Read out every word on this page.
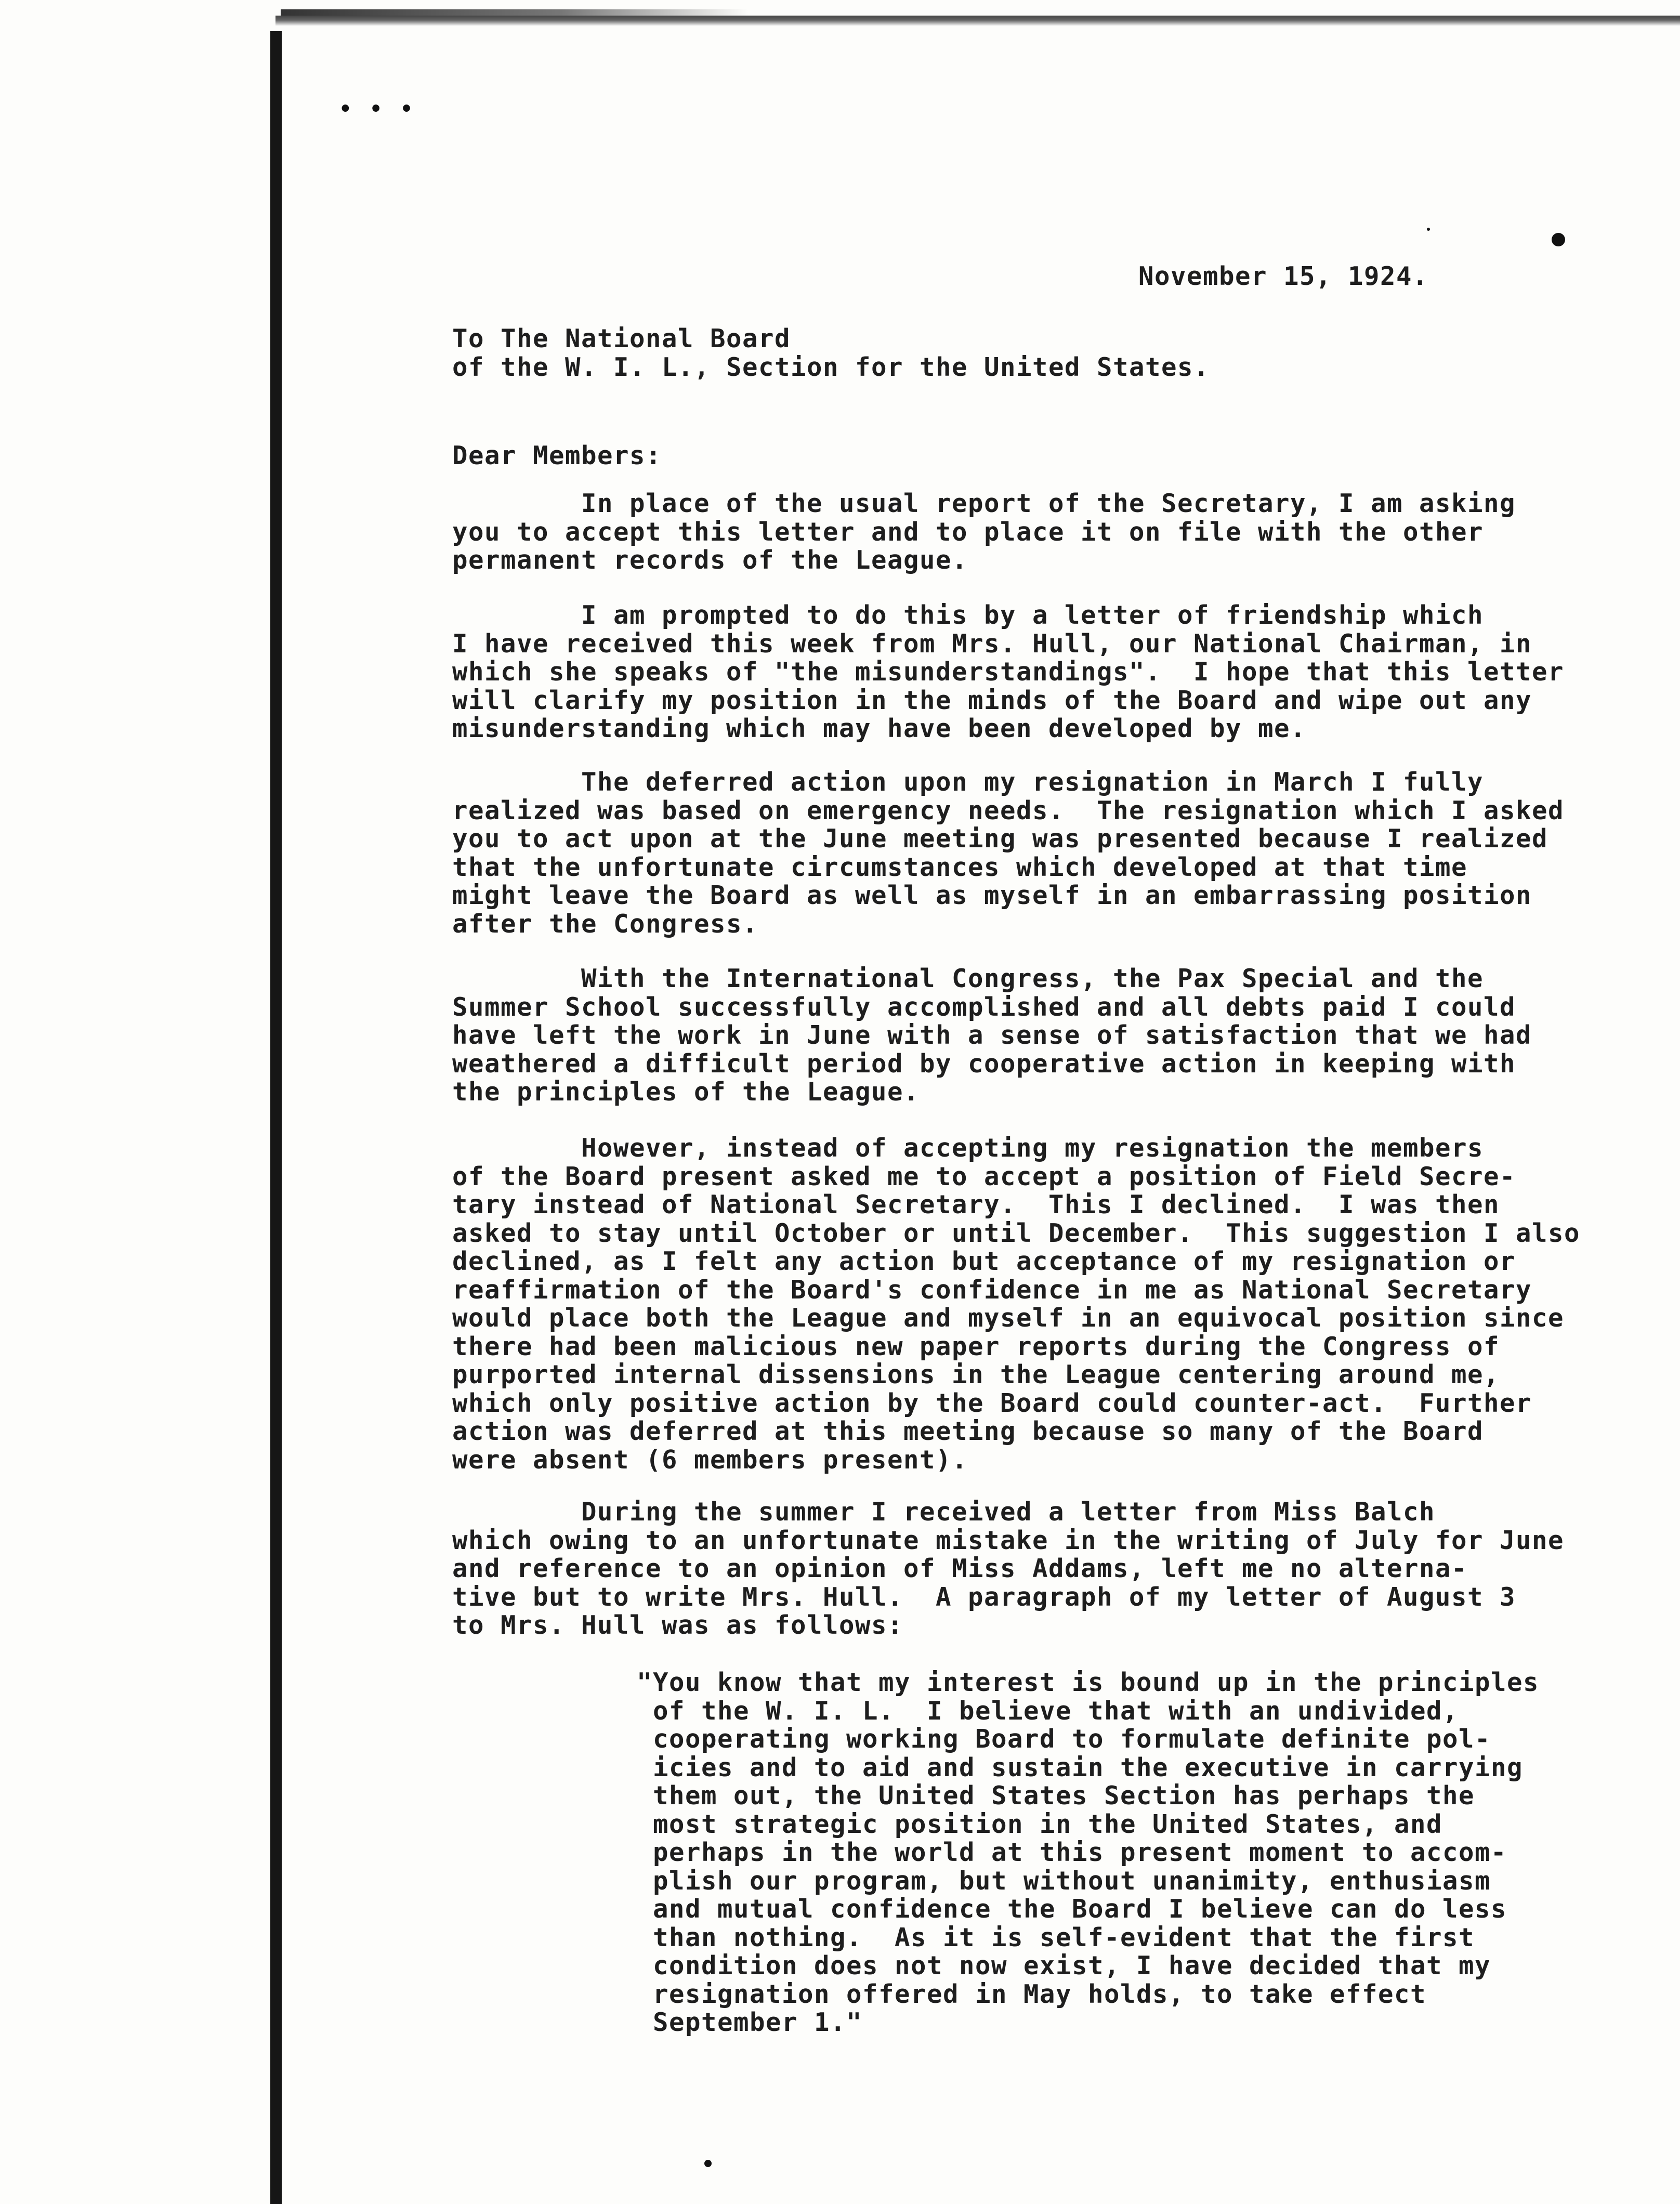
•••
November 15, 1924.
To The National Board
of the W. I. L., Section for the United States.
Dear Members:
In place of the usual report of the Secretary, I am asking
you to accept this letter and to place it on file with the other
permanent records of the League.
I am prompted to do this by a letter of friendship which
I have received this week from Mrs. Hull, our National Chairman, in
which she speaks of "the misunderstandings".  I hope that this letter
will clarify my position in the minds of the Board and wipe out any
misunderstanding which may have been developed by me.
The deferred action upon my resignation in March I fully
realized was based on emergency needs.  The resignation which I asked
you to act upon at the June meeting was presented because I realized
that the unfortunate circumstances which developed at that time
might leave the Board as well as myself in an embarrassing position
after the Congress.
With the International Congress, the Pax Special and the
Summer School successfully accomplished and all debts paid I could
have left the work in June with a sense of satisfaction that we had
weathered a difficult period by cooperative action in keeping with
the principles of the League.
However, instead of accepting my resignation the members
of the Board present asked me to accept a position of Field Secre-
tary instead of National Secretary.  This I declined.  I was then
asked to stay until October or until December.  This suggestion I also
declined, as I felt any action but acceptance of my resignation or
reaffirmation of the Board's confidence in me as National Secretary
would place both the League and myself in an equivocal position since
there had been malicious new paper reports during the Congress of
purported internal dissensions in the League centering around me,
which only positive action by the Board could counter-act.  Further
action was deferred at this meeting because so many of the Board
were absent (6 members present).
During the summer I received a letter from Miss Balch
which owing to an unfortunate mistake in the writing of July for June
and reference to an opinion of Miss Addams, left me no alterna-
tive but to write Mrs. Hull.  A paragraph of my letter of August 3
to Mrs. Hull was as follows:
"You know that my interest is bound up in the principles
of the W. I. L.  I believe that with an undivided,
cooperating working Board to formulate definite pol-
icies and to aid and sustain the executive in carrying
them out, the United States Section has perhaps the
most strategic position in the United States, and
perhaps in the world at this present moment to accom-
plish our program, but without unanimity, enthusiasm
and mutual confidence the Board I believe can do less
than nothing.  As it is self-evident that the first
condition does not now exist, I have decided that my
resignation offered in May holds, to take effect
September 1."
